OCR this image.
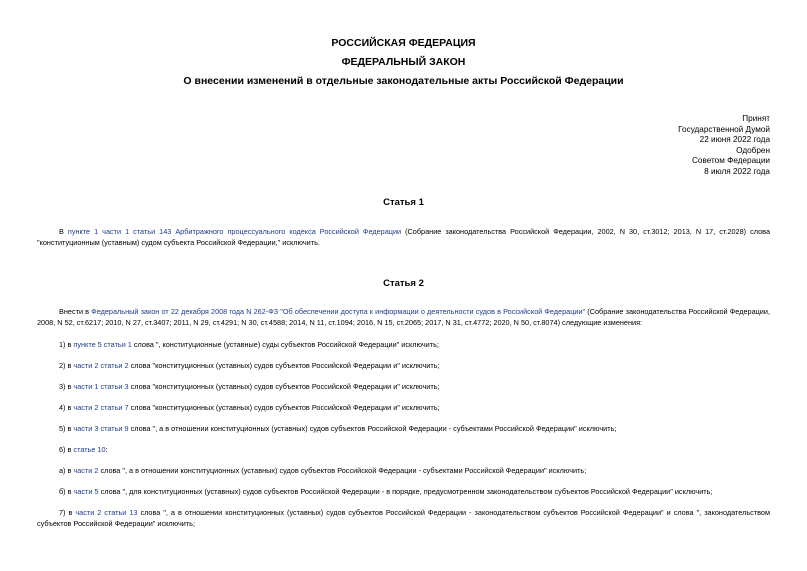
РОССИЙСКАЯ ФЕДЕРАЦИЯ
ФЕДЕРАЛЬНЫЙ ЗАКОН
О внесении изменений в отдельные законодательные акты Российской Федерации
Принят
Государственной Думой
22 июня 2022 года
Одобрен
Советом Федерации
8 июля 2022 года
Статья 1
В пункте 1 части 1 статьи 143 Арбитражного процессуального кодекса Российской Федерации (Собрание законодательства Российской Федерации, 2002, N 30, ст.3012; 2013, N 17, ст.2028) слова "конституционным (уставным) судом субъекта Российской Федерации," исключить.
Статья 2
Внести в Федеральный закон от 22 декабря 2008 года N 262-ФЗ "Об обеспечении доступа к информации о деятельности судов в Российской Федерации" (Собрание законодательства Российской Федерации, 2008, N 52, ст.6217; 2010, N 27, ст.3407; 2011, N 29, ст.4291; N 30, ст.4588; 2014, N 11, ст.1094; 2016, N 15, ст.2065; 2017, N 31, ст.4772; 2020, N 50, ст.8074) следующие изменения:
1) в пункте 5 статьи 1 слова ", конституционные (уставные) суды субъектов Российской Федерации" исключить;
2) в части 2 статьи 2 слова "конституционных (уставных) судов субъектов Российской Федерации и" исключить;
3) в части 1 статьи 3 слова "конституционных (уставных) судов субъектов Российской Федерации и" исключить;
4) в части 2 статьи 7 слова "конституционных (уставных) судов субъектов Российской Федерации и" исключить;
5) в части 3 статьи 9 слова ", а в отношении конституционных (уставных) судов субъектов Российской Федерации - субъектами Российской Федерации" исключить;
6) в статье 10:
а) в части 2 слова ", а в отношении конституционных (уставных) судов субъектов Российской Федерации - субъектами Российской Федерации" исключить;
б) в части 5 слова ", для конституционных (уставных) судов субъектов Российской Федерации - в порядке, предусмотренном законодательством субъектов Российской Федерации" исключить;
7) в части 2 статьи 13 слова ", а в отношении конституционных (уставных) судов субъектов Российской Федерации - законодательством субъектов Российской Федерации" и слова ", законодательством субъектов Российской Федерации" исключить;
